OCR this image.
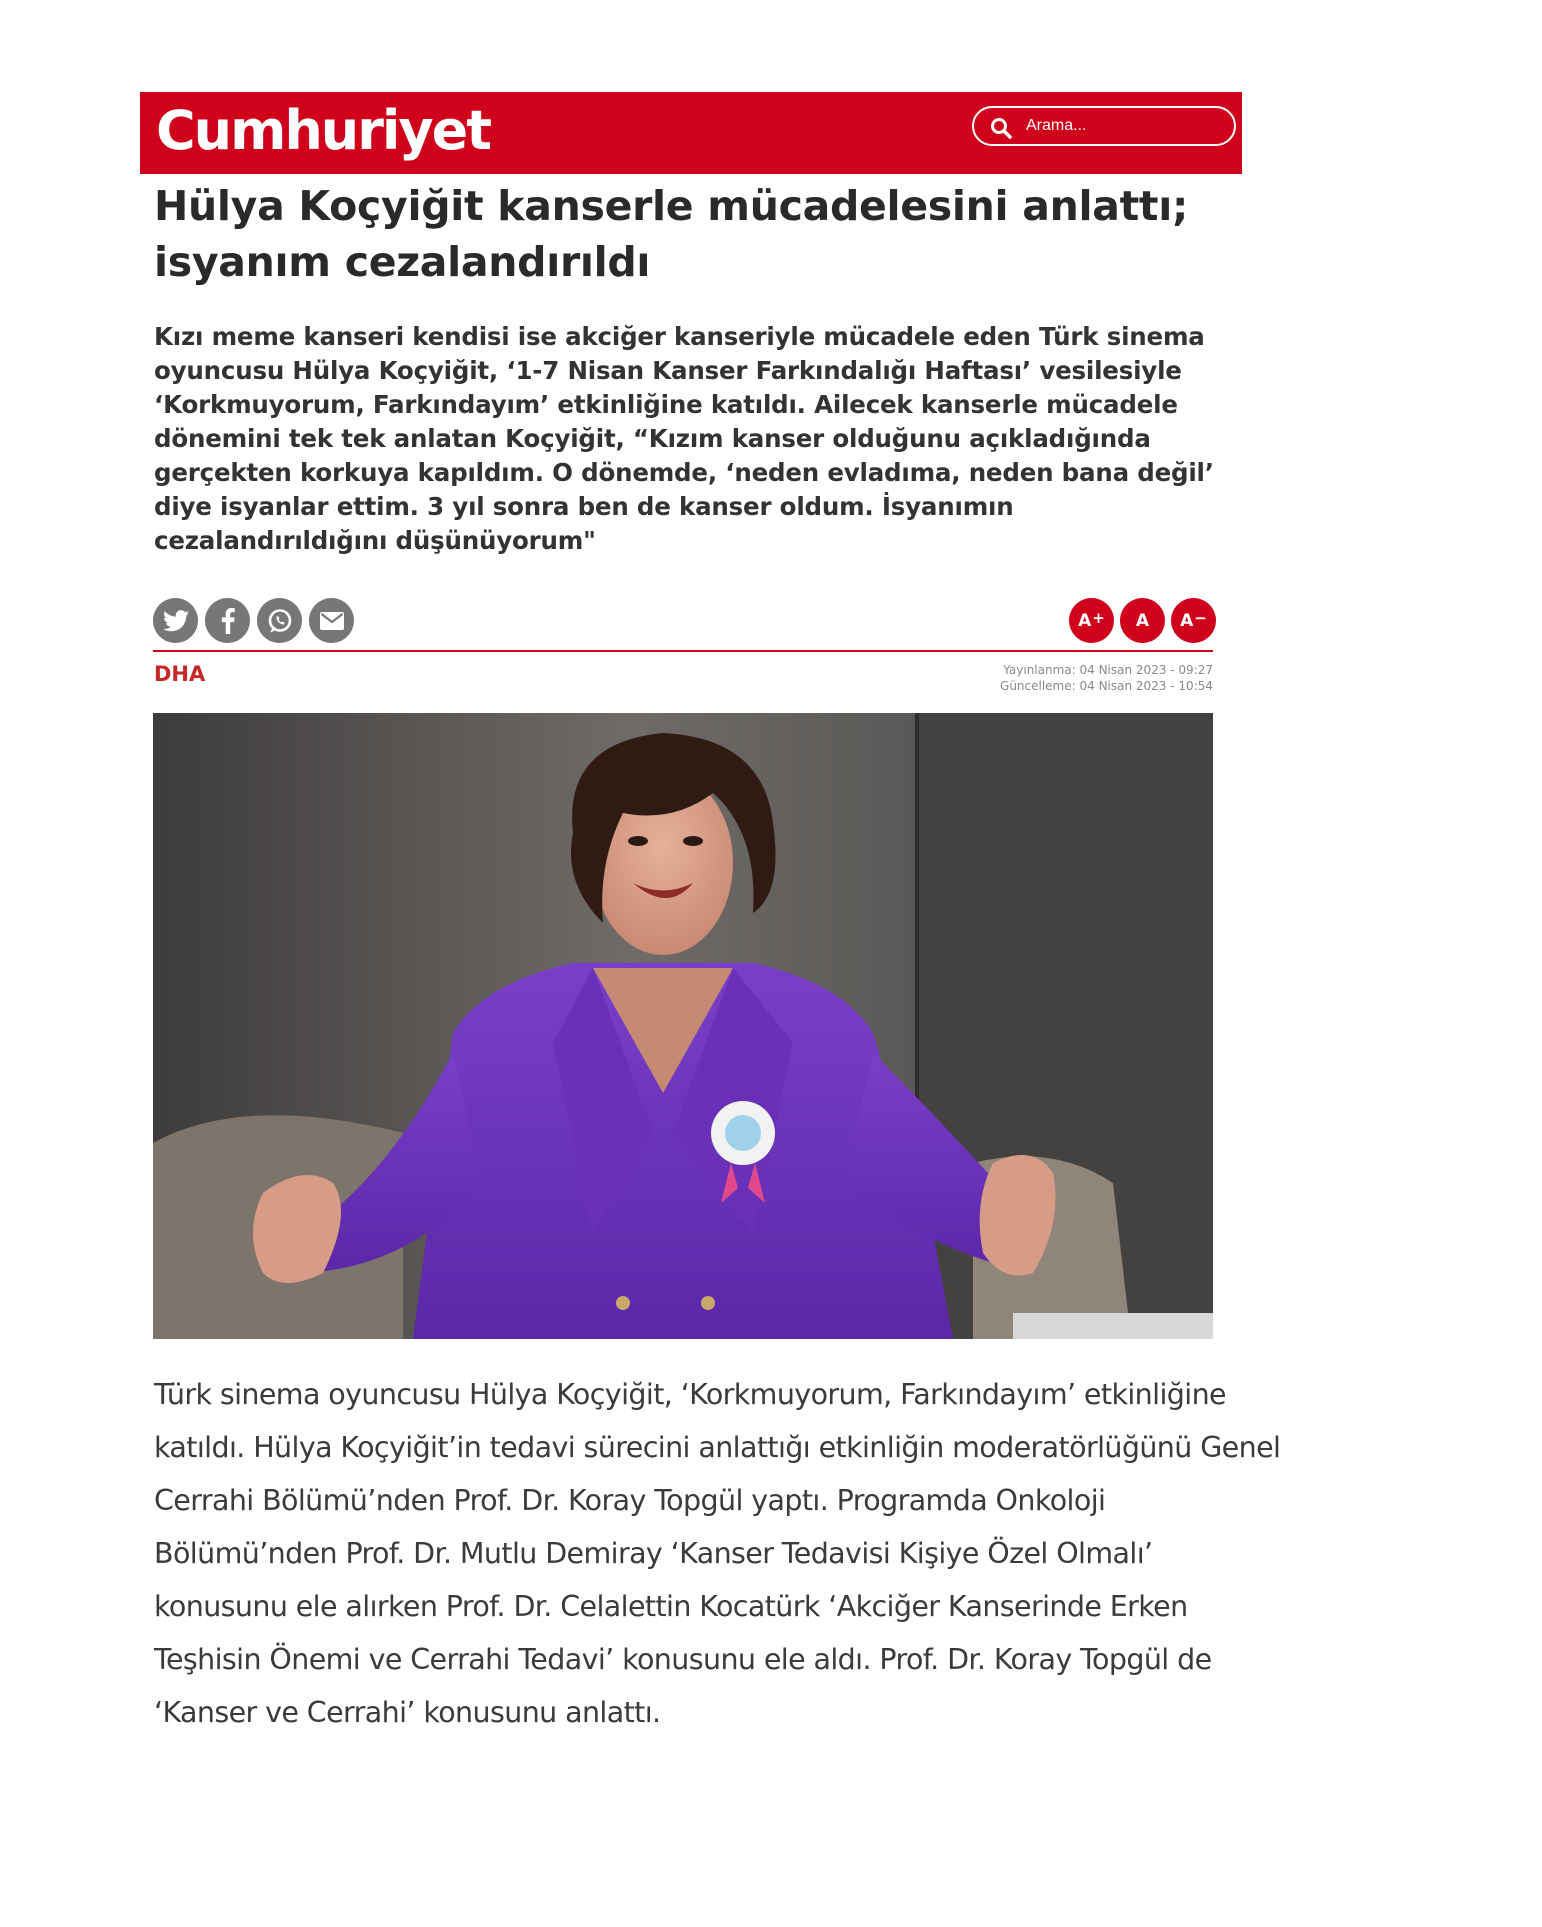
Cumhuriyet
Arama...
Hülya Koçyiğit kanserle mücadelesini anlattı; isyanım cezalandırıldı

Kızı meme kanseri kendisi ise akciğer kanseriyle mücadele eden Türk sinema oyuncusu Hülya Koçyiğit, ‘1-7 Nisan Kanser Farkındalığı Haftası’ vesilesiyle ‘Korkmuyorum, Farkındayım’ etkinliğine katıldı. Ailecek kanserle mücadele dönemini tek tek anlatan Koçyiğit, “Kızım kanser olduğunu açıkladığında gerçekten korkuya kapıldım. O dönemde, ‘neden evladıma, neden bana değil’ diye isyanlar ettim. 3 yıl sonra ben de kanser oldum. İsyanımın cezalandırıldığını düşünüyorum"

A+ A A−
DHA	Yayınlanma: 04 Nisan 2023 - 09:27
Güncelleme: 04 Nisan 2023 - 10:54

Türk sinema oyuncusu Hülya Koçyiğit, ‘Korkmuyorum, Farkındayım’ etkinliğine katıldı. Hülya Koçyiğit’in tedavi sürecini anlattığı etkinliğin moderatörlüğünü Genel Cerrahi Bölümü’nden Prof. Dr. Koray Topgül yaptı. Programda Onkoloji Bölümü’nden Prof. Dr. Mutlu Demiray ‘Kanser Tedavisi Kişiye Özel Olmalı’ konusunu ele alırken Prof. Dr. Celalettin Kocatürk ‘Akciğer Kanserinde Erken Teşhisin Önemi ve Cerrahi Tedavi’ konusunu ele aldı. Prof. Dr. Koray Topgül de ‘Kanser ve Cerrahi’ konusunu anlattı.
